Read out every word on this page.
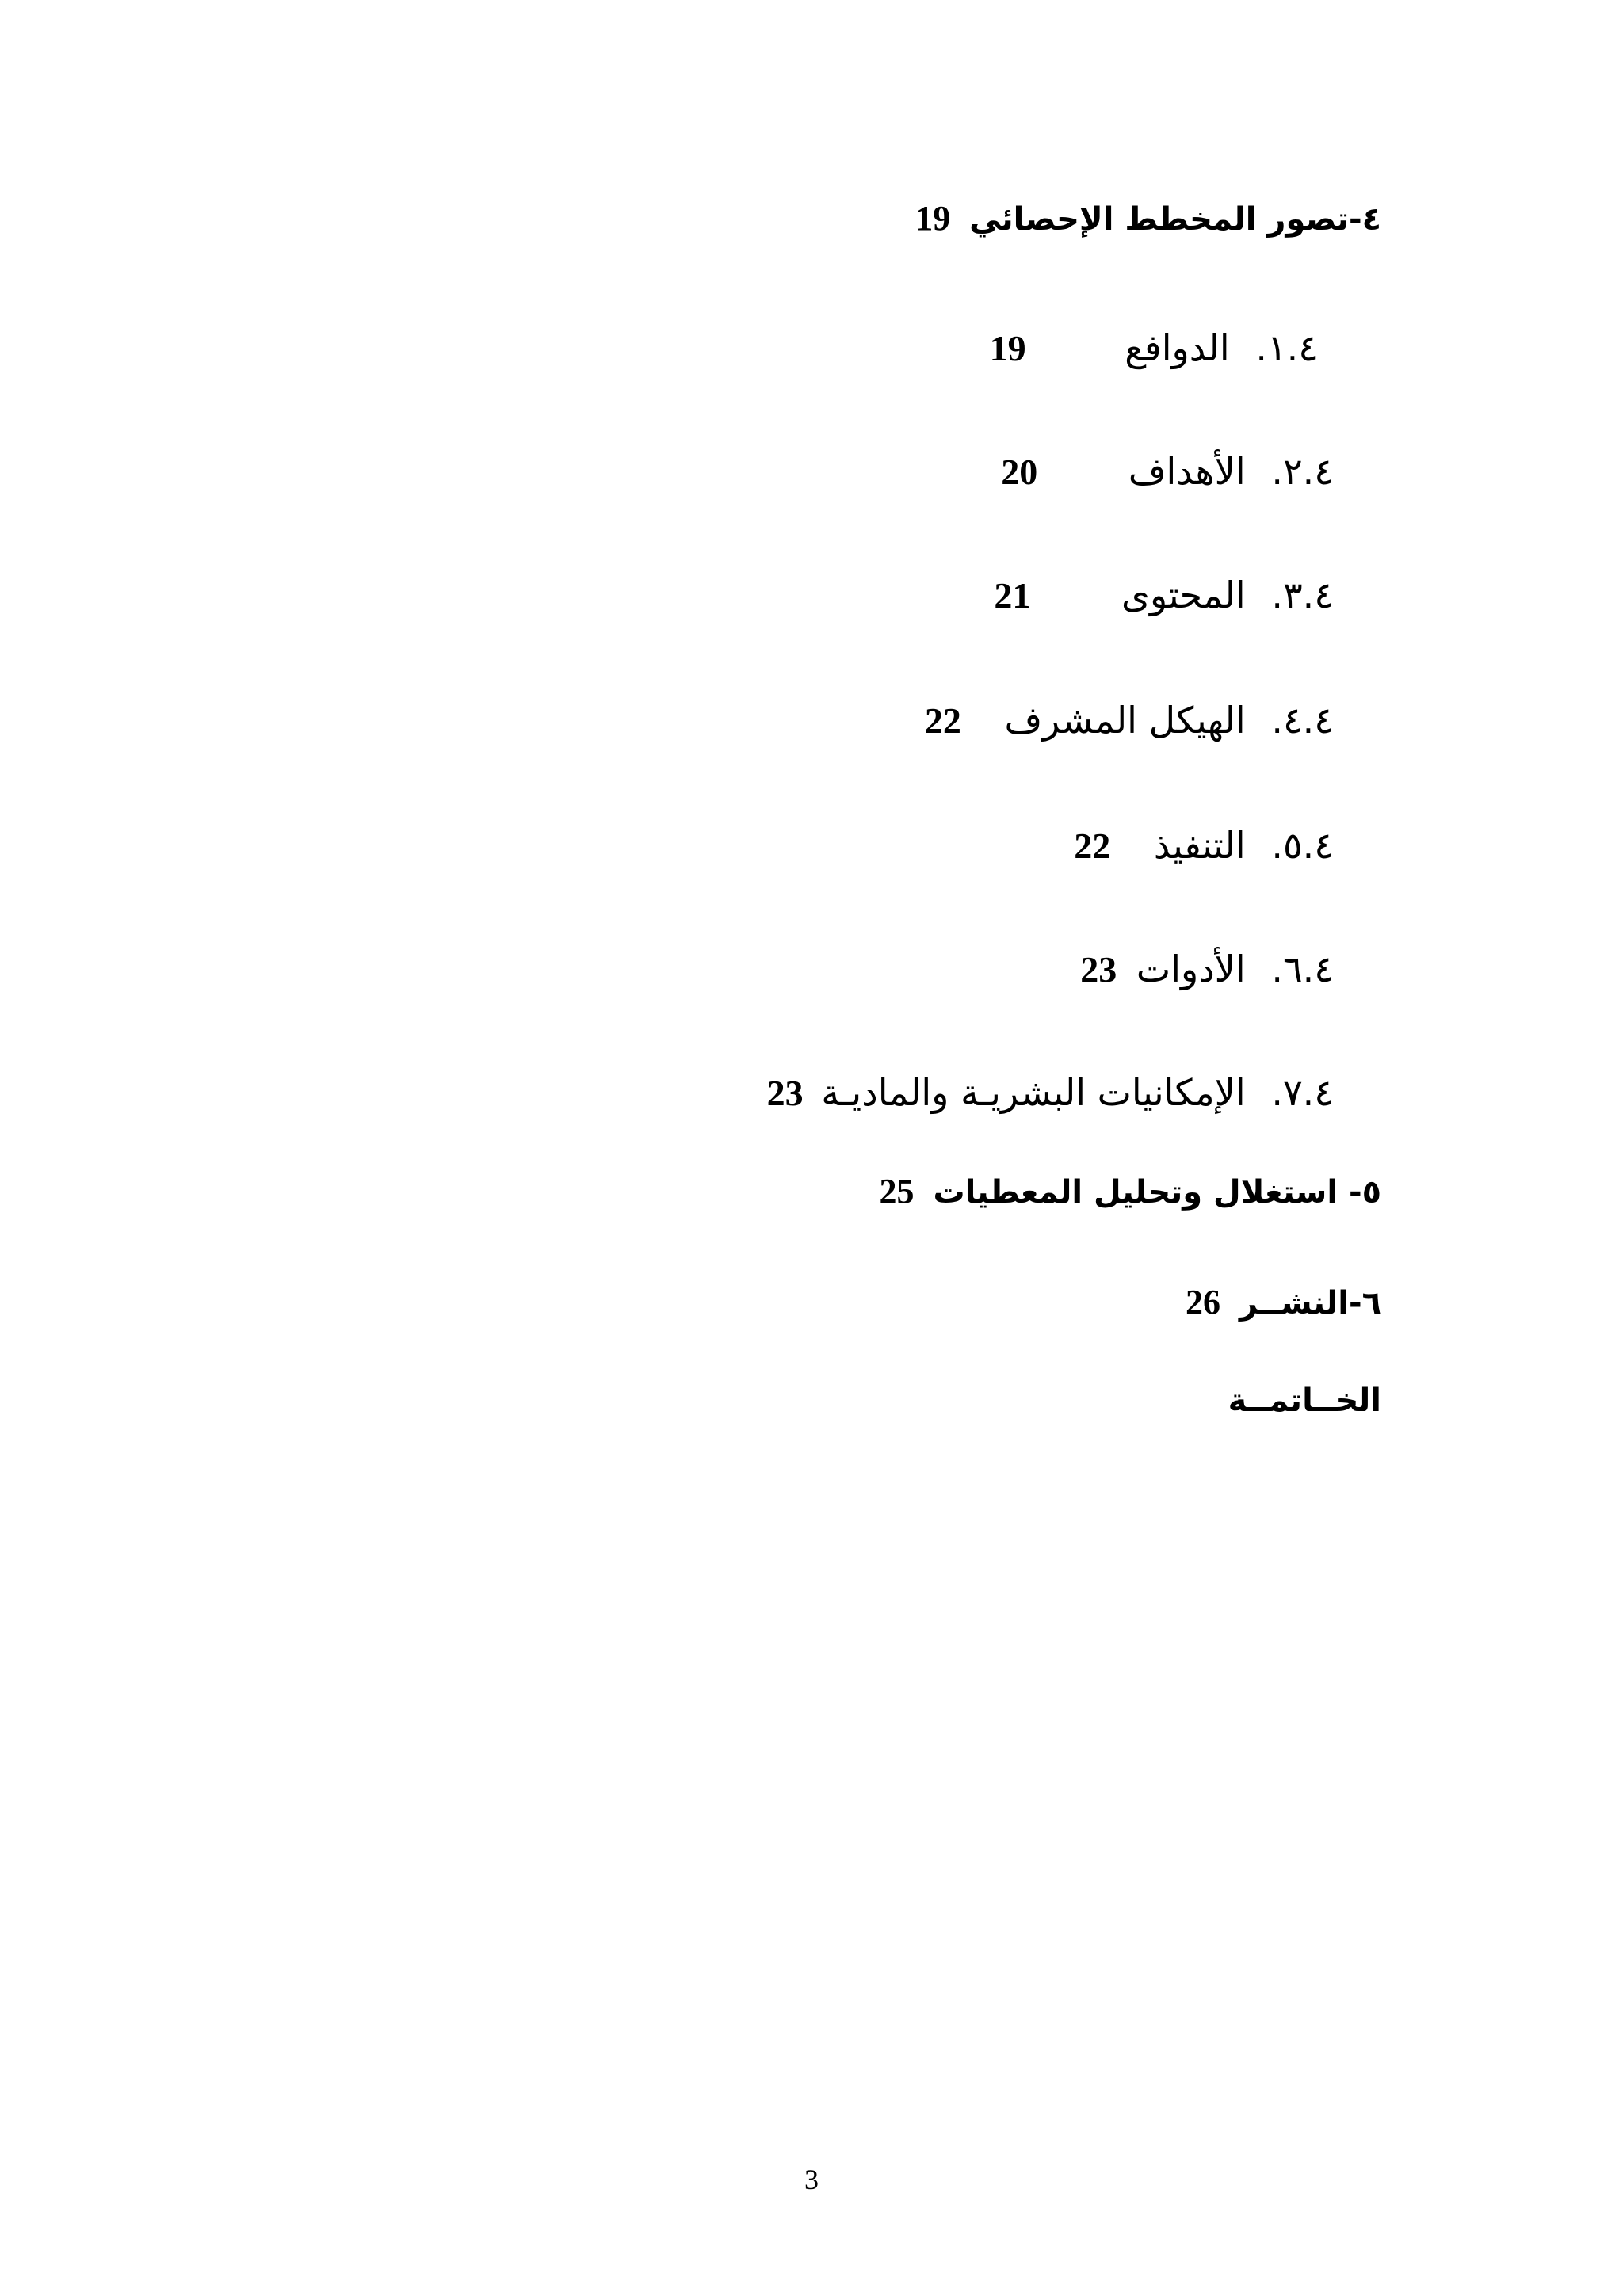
٤-تصور المخطط الإحصائي 19
١.٤. الدوافع 19
٢.٤. الأهداف 20
٣.٤. المحتوى 21
٤.٤. الهيكل المشرف 22
٥.٤. التنفيذ 22
٦.٤. الأدوات 23
٧.٤. الإمكانيات البشريـة والماديـة 23
٥- استغلال وتحليل المعطيات 25
٦-النشــر 26
الخــاتمــة
3
